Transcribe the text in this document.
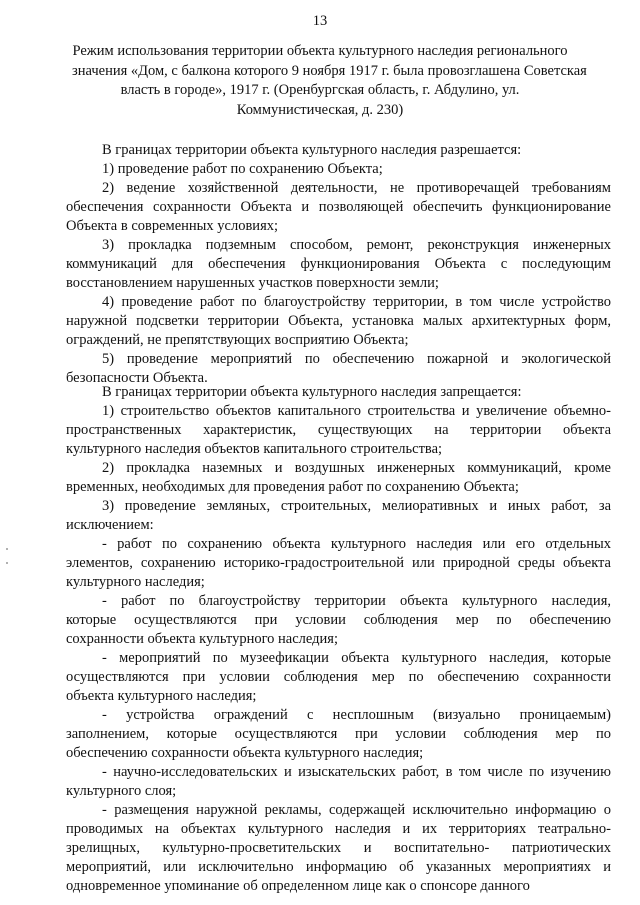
13
Режим использования территории объекта культурного наследия регионального
значения «Дом, с балкона которого 9 ноября 1917 г. была провозглашена Советская
власть в городе», 1917 г. (Оренбургская область, г. Абдулино, ул.
Коммунистическая, д. 230)
В границах территории объекта культурного наследия разрешается:
1) проведение работ по сохранению Объекта;
2) ведение хозяйственной деятельности, не противоречащей требованиям
обеспечения сохранности Объекта и позволяющей обеспечить функционирование
Объекта в современных условиях;
3) прокладка подземным способом, ремонт, реконструкция инженерных
коммуникаций для обеспечения функционирования Объекта с последующим
восстановлением нарушенных участков поверхности земли;
4) проведение работ по благоустройству территории, в том числе устройство
наружной подсветки территории Объекта, установка малых архитектурных форм,
ограждений, не препятствующих восприятию Объекта;
5) проведение мероприятий по обеспечению пожарной и экологической
безопасности Объекта.
В границах территории объекта культурного наследия запрещается:
1) строительство объектов капитального строительства и увеличение объемно-
пространственных характеристик, существующих на территории объекта
культурного наследия объектов капитального строительства;
2) прокладка наземных и воздушных инженерных коммуникаций, кроме
временных, необходимых для проведения работ по сохранению Объекта;
3) проведение земляных, строительных, мелиоративных и иных работ, за
исключением:
- работ по сохранению объекта культурного наследия или его отдельных
элементов, сохранению историко-градостроительной или природной среды объекта
культурного наследия;
- работ по благоустройству территории объекта культурного наследия,
которые осуществляются при условии соблюдения мер по обеспечению
сохранности объекта культурного наследия;
- мероприятий по музеефикации объекта культурного наследия, которые
осуществляются при условии соблюдения мер по обеспечению сохранности
объекта культурного наследия;
- устройства ограждений с несплошным (визуально проницаемым)
заполнением, которые осуществляются при условии соблюдения мер по
обеспечению сохранности объекта культурного наследия;
- научно-исследовательских и изыскательских работ, в том числе по изучению
культурного слоя;
- размещения наружной рекламы, содержащей исключительно информацию о
проводимых на объектах культурного наследия и их территориях театрально-
зрелищных, культурно-просветительских и воспитательно- патриотических
мероприятий, или исключительно информацию об указанных мероприятиях и
одновременное упоминание об определенном лице как о спонсоре данного
